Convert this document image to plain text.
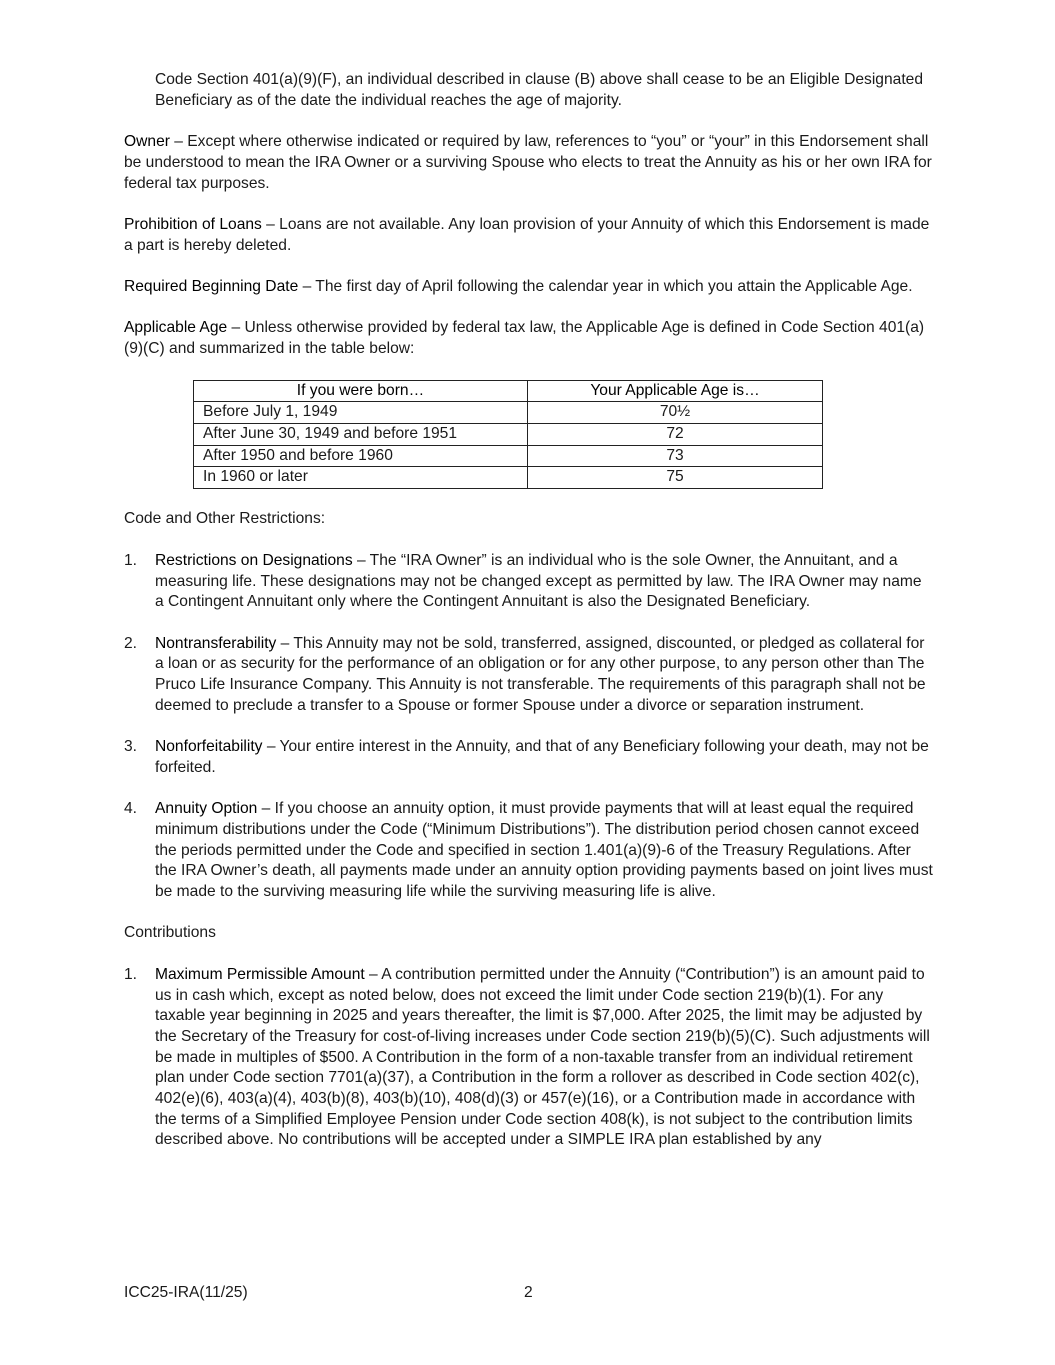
Code Section 401(a)(9)(F), an individual described in clause (B) above shall cease to be an Eligible Designated Beneficiary as of the date the individual reaches the age of majority.

Owner – Except where otherwise indicated or required by law, references to “you” or “your” in this Endorsement shall be understood to mean the IRA Owner or a surviving Spouse who elects to treat the Annuity as his or her own IRA for federal tax purposes.

Prohibition of Loans – Loans are not available. Any loan provision of your Annuity of which this Endorsement is made a part is hereby deleted.

Required Beginning Date – The first day of April following the calendar year in which you attain the Applicable Age.

Applicable Age – Unless otherwise provided by federal tax law, the Applicable Age is defined in Code Section 401(a)(9)(C) and summarized in the table below:

If you were born…	Your Applicable Age is…
Before July 1, 1949	70½
After June 30, 1949 and before 1951	72
After 1950 and before 1960	73
In 1960 or later	75

Code and Other Restrictions:

1. Restrictions on Designations – The “IRA Owner” is an individual who is the sole Owner, the Annuitant, and a measuring life. These designations may not be changed except as permitted by law. The IRA Owner may name a Contingent Annuitant only where the Contingent Annuitant is also the Designated Beneficiary.
2. Nontransferability – This Annuity may not be sold, transferred, assigned, discounted, or pledged as collateral for a loan or as security for the performance of an obligation or for any other purpose, to any person other than The Pruco Life Insurance Company. This Annuity is not transferable. The requirements of this paragraph shall not be deemed to preclude a transfer to a Spouse or former Spouse under a divorce or separation instrument.
3. Nonforfeitability – Your entire interest in the Annuity, and that of any Beneficiary following your death, may not be forfeited.
4. Annuity Option – If you choose an annuity option, it must provide payments that will at least equal the required minimum distributions under the Code (“Minimum Distributions”). The distribution period chosen cannot exceed the periods permitted under the Code and specified in section 1.401(a)(9)-6 of the Treasury Regulations. After the IRA Owner’s death, all payments made under an annuity option providing payments based on joint lives must be made to the surviving measuring life while the surviving measuring life is alive.

Contributions

1. Maximum Permissible Amount – A contribution permitted under the Annuity (“Contribution”) is an amount paid to us in cash which, except as noted below, does not exceed the limit under Code section 219(b)(1). For any taxable year beginning in 2025 and years thereafter, the limit is $7,000. After 2025, the limit may be adjusted by the Secretary of the Treasury for cost-of-living increases under Code section 219(b)(5)(C). Such adjustments will be made in multiples of $500. A Contribution in the form of a non-taxable transfer from an individual retirement plan under Code section 7701(a)(37), a Contribution in the form a rollover as described in Code section 402(c), 402(e)(6), 403(a)(4), 403(b)(8), 403(b)(10), 408(d)(3) or 457(e)(16), or a Contribution made in accordance with the terms of a Simplified Employee Pension under Code section 408(k), is not subject to the contribution limits described above. No contributions will be accepted under a SIMPLE IRA plan established by any
ICC25-IRA(11/25)	2
